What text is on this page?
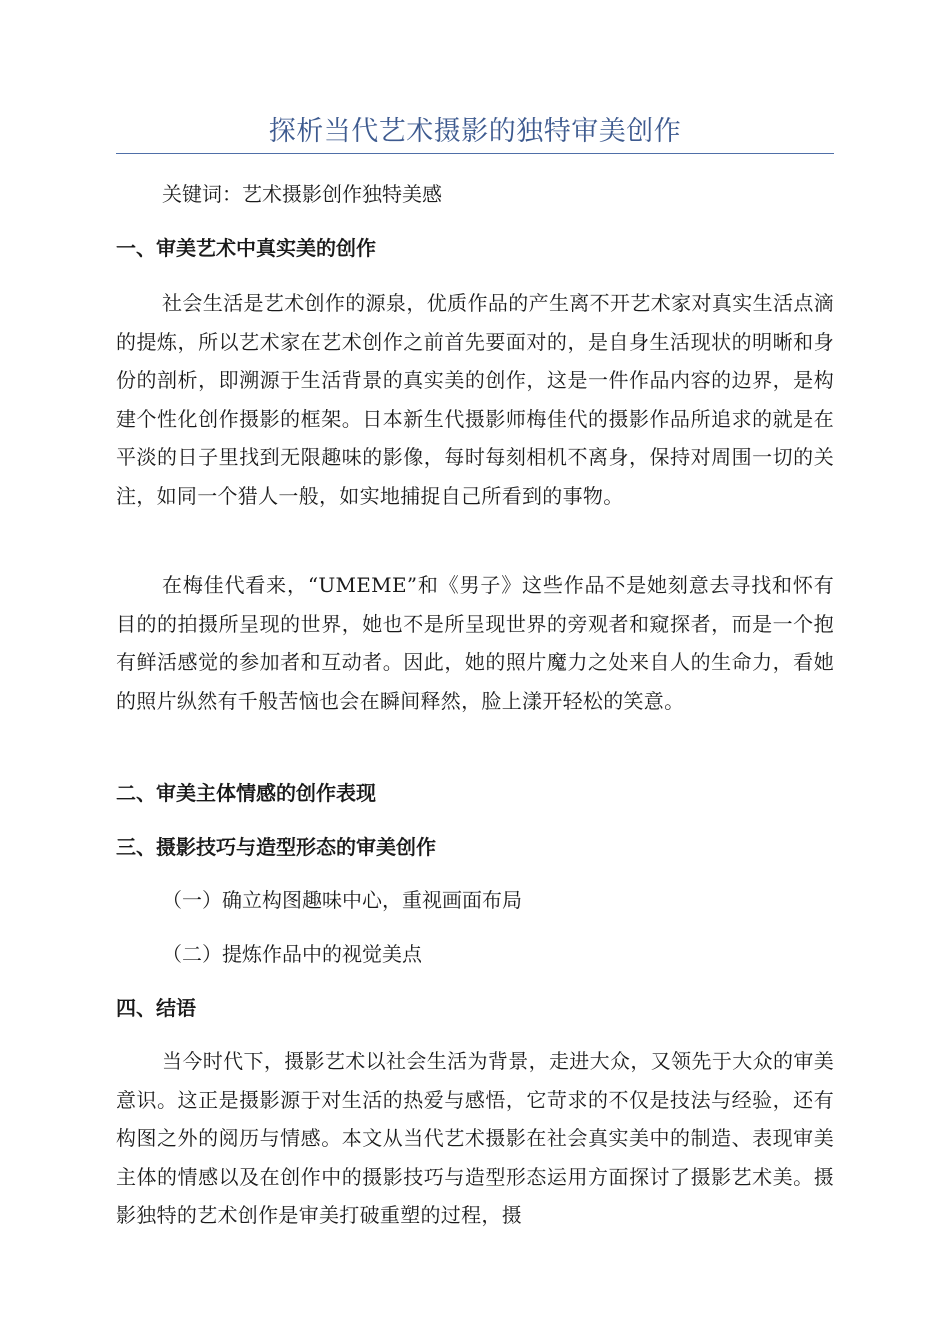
探析当代艺术摄影的独特审美创作
关键词：艺术摄影创作独特美感
一、审美艺术中真实美的创作
社会生活是艺术创作的源泉，优质作品的产生离不开艺术家对真实生活点滴的提炼，所以艺术家在艺术创作之前首先要面对的，是自身生活现状的明晰和身份的剖析，即溯源于生活背景的真实美的创作，这是一件作品内容的边界，是构建个性化创作摄影的框架。日本新生代摄影师梅佳代的摄影作品所追求的就是在平淡的日子里找到无限趣味的影像，每时每刻相机不离身，保持对周围一切的关注，如同一个猎人一般，如实地捕捉自己所看到的事物。
在梅佳代看来，“UMEME”和《男子》这些作品不是她刻意去寻找和怀有目的的拍摄所呈现的世界，她也不是所呈现世界的旁观者和窥探者，而是一个抱有鲜活感觉的参加者和互动者。因此，她的照片魔力之处来自人的生命力，看她的照片纵然有千般苦恼也会在瞬间释然，脸上漾开轻松的笑意。
二、审美主体情感的创作表现
三、摄影技巧与造型形态的审美创作
（一）确立构图趣味中心，重视画面布局
（二）提炼作品中的视觉美点
四、结语
当今时代下，摄影艺术以社会生活为背景，走进大众，又领先于大众的审美意识。这正是摄影源于对生活的热爱与感悟，它苛求的不仅是技法与经验，还有构图之外的阅历与情感。本文从当代艺术摄影在社会真实美中的制造、表现审美主体的情感以及在创作中的摄影技巧与造型形态运用方面探讨了摄影艺术美。摄影独特的艺术创作是审美打破重塑的过程，摄
